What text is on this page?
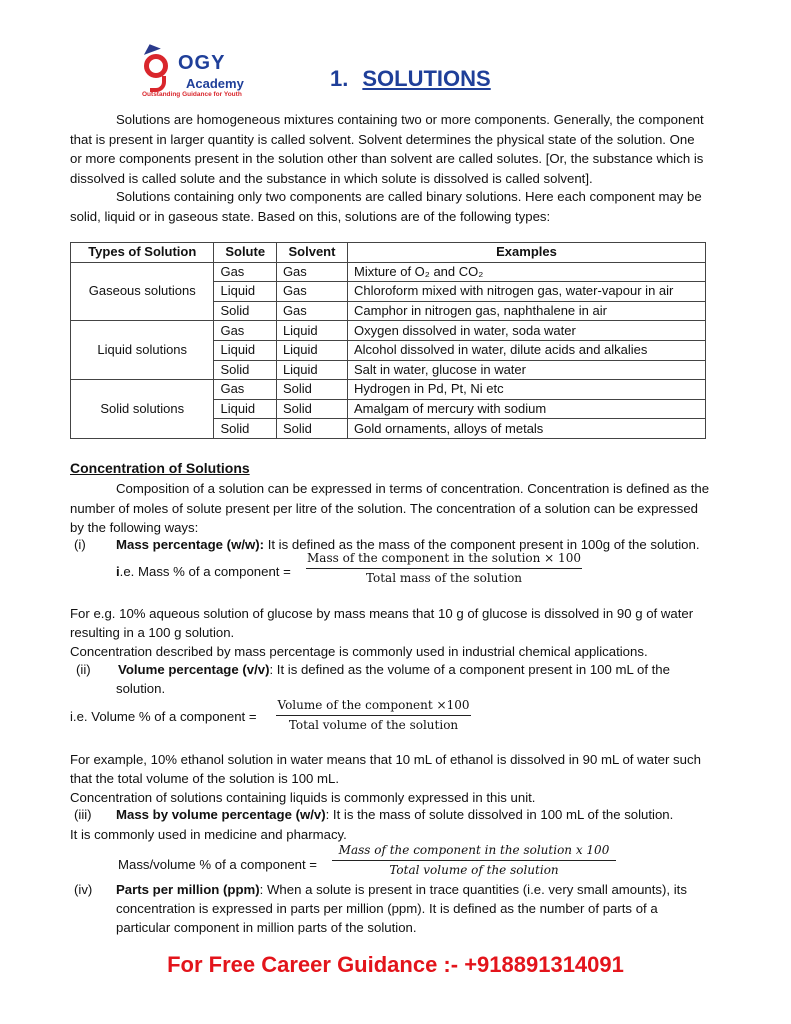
OGY
Academy
Outstanding Guidance for Youth
1. SOLUTIONS
Solutions are homogeneous mixtures containing two or more components. Generally, the component
that is present in larger quantity is called solvent. Solvent determines the physical state of the solution. One
or more components present in the solution other than solvent are called solutes. [Or, the substance which is
dissolved is called solute and the substance in which solute is dissolved is called solvent].
Solutions containing only two components are called binary solutions. Here each component may be
solid, liquid or in gaseous state. Based on this, solutions are of the following types:
Types of Solution	Solute	Solvent	Examples
Gaseous solutions	Gas	Gas	Mixture of O₂ and CO₂
	Liquid	Gas	Chloroform mixed with nitrogen gas, water-vapour in air
	Solid	Gas	Camphor in nitrogen gas, naphthalene in air
Liquid solutions	Gas	Liquid	Oxygen dissolved in water, soda water
	Liquid	Liquid	Alcohol dissolved in water, dilute acids and alkalies
	Solid	Liquid	Salt in water, glucose in water
Solid solutions	Gas	Solid	Hydrogen in Pd, Pt, Ni etc
	Liquid	Solid	Amalgam of mercury with sodium
	Solid	Solid	Gold ornaments, alloys of metals
Concentration of Solutions
Composition of a solution can be expressed in terms of concentration. Concentration is defined as the
number of moles of solute present per litre of the solution. The concentration of a solution can be expressed
by the following ways:
(i) Mass percentage (w/w): It is defined as the mass of the component present in 100g of the solution.
i.e. Mass % of a component =
Mass of the component in the solution × 100
Total mass of the solution
For e.g. 10% aqueous solution of glucose by mass means that 10 g of glucose is dissolved in 90 g of water
resulting in a 100 g solution.
Concentration described by mass percentage is commonly used in industrial chemical applications.
(ii) Volume percentage (v/v): It is defined as the volume of a component present in 100 mL of the
solution.
i.e. Volume % of a component =
Volume of the component ×100
Total volume of the solution
For example, 10% ethanol solution in water means that 10 mL of ethanol is dissolved in 90 mL of water such
that the total volume of the solution is 100 mL.
Concentration of solutions containing liquids is commonly expressed in this unit.
(iii) Mass by volume percentage (w/v): It is the mass of solute dissolved in 100 mL of the solution.
It is commonly used in medicine and pharmacy.
Mass/volume % of a component =
Mass of the component in the solution x 100
Total volume of the solution
(iv) Parts per million (ppm): When a solute is present in trace quantities (i.e. very small amounts), its
concentration is expressed in parts per million (ppm). It is defined as the number of parts of a
particular component in million parts of the solution.
For Free Career Guidance :- +918891314091
